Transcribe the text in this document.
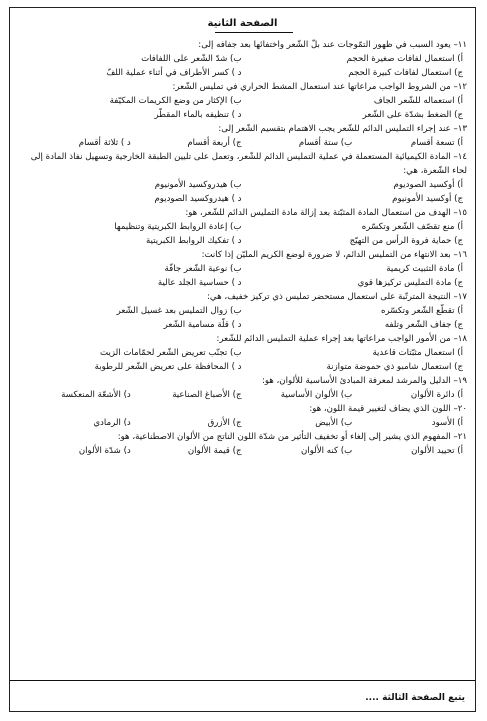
الصفحة الثانية
١١– يعود السبب في ظهور التمّوجات عند بلّ الشّعر واختفائها بعد جفافه إلى:
أ) استعمال لفافات صغيرة الحجم
ب) شدّ الشّعر على اللفافات
ج) استعمال لفافات كبيرة الحجم
د ) كسر الأطراف في أثناء عملية اللفّ
١٢– من الشروط الواجب مراعاتها عند استعمال المشط الحراري في تمليس الشّعر:
أ) استعماله للشّعر الجاف
ب) الإكثار من وضع الكريمات المكيّفة
ج) الضغط بشدّة على الشّعر
د ) تنظيفه بالماء المقطّر
١٣– عند إجراء التمليس الدائم للشّعر يجب الاهتمام بتقسيم الشّعر إلى:
أ) تسعة أقسام
ب) ستة أقسام
ج) أربعة أقسام
د ) ثلاثة أقسام
١٤– المادة الكيميائية المستعملة في عملية التمليس الدائم للشّعر، وتعمل على تليين الطبقة الخارجية وتسهيل نفاذ المادة إلى لحاء الشّعرة، هي:
أ) أوكسيد الصوديوم
ب) هيدروكسيد الأمونيوم
ج) أوكسيد الأمونيوم
د ) هيدروكسيد الصوديوم
١٥– الهدف من استعمال المادة المثبّتة بعد إزالة مادة التمليس الدائم للشّعر، هو:
أ) منع تقصّف الشّعر وتكسّره
ب) إعادة الروابط الكبريتية وتنظيمها
ج) حماية فروة الرأس من التهيّج
د ) تفكيك الروابط الكبريتية
١٦– بعد الانتهاء من التمليس الدائم، لا ضرورة لوضع الكريم المليّن إذا كانت:
أ) مادة التثبيت كريمية
ب) نوعية الشّعر جافّة
ج) مادة التمليس تركيزها قوي
د ) حساسية الجلد عالية
١٧– النتيجة المترتّبة على استعمال مستحضر تمليس ذي تركيز خفيف، هي:
أ) تقطّع الشّعر وتكسّره
ب) زوال التمليس بعد غسيل الشّعر
ج) جفاف الشّعر وتلفه
د ) قلّة مسامية الشّعر
١٨– من الأمور الواجب مراعاتها بعد إجراء عملية التمليس الدائم للشّعر:
أ) استعمال مثبّتات قاعدية
ب) تجنّب تعريض الشّعر لحمّامات الزيت
ج) استعمال شامبو ذي حموضة متوازنة
د ) المحافظة على تعريض الشّعر للرطوبة
١٩– الدليل والمرشد لمعرفة المبادئ الأساسية للألوان، هو:
أ) دائرة الألوان
ب) الألوان الأساسية
ج) الأصباغ الصناعية
د) الأشعّة المنعكسة
٢٠– اللون الذي يضاف لتغيير قيمة اللون، هو:
أ) الأسود
ب) الأبيض
ج) الأزرق
د) الرمادي
٢١– المفهوم الذي يشير إلى إلغاء أو تخفيف التأثير من شدّة اللون الناتج من الألوان الاصطناعية، هو:
أ) تحييد الألوان
ب) كنه الألوان
ج) قيمة الألوان
د) شدّة الألوان
يتبع الصفحة الثالثة ....
